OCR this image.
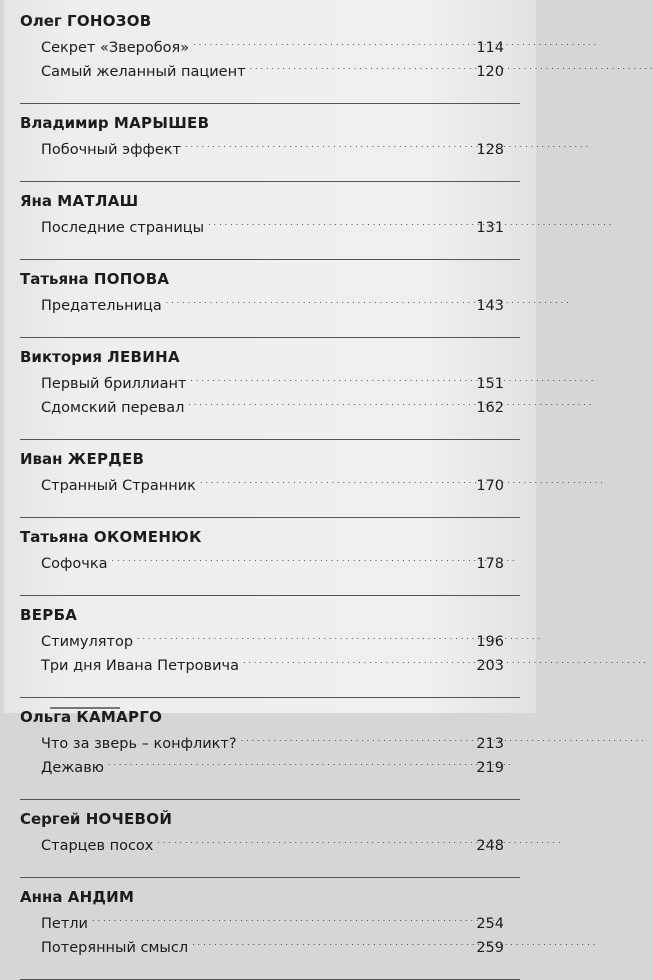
Олег ГОНОЗОВ
Секрет «Зверобоя» . . .	114
Самый желанный пациент . . .	120
Владимир МАРЫШЕВ
Побочный эффект . . .	128
Яна МАТЛАШ
Последние страницы . . .	131
Татьяна ПОПОВА
Предательница . . .	143
Виктория ЛЕВИНА
Первый бриллиант . . .	151
Сдомский перевал . . .	162
Иван ЖЕРДЕВ
Странный Странник . . .	170
Татьяна ОКОМЕНЮК
Софочка . . .	178
ВЕРБА
Стимулятор . . .	196
Три дня Ивана Петровича . . .	203
Ольга КАМАРГО
Что за зверь – конфликт? . . .	213
Дежавю . . .	219
Сергей НОЧЕВОЙ
Старцев посох . . .	248
Анна АНДИМ
Петли . . .	254
Потерянный смысл . . .	259
